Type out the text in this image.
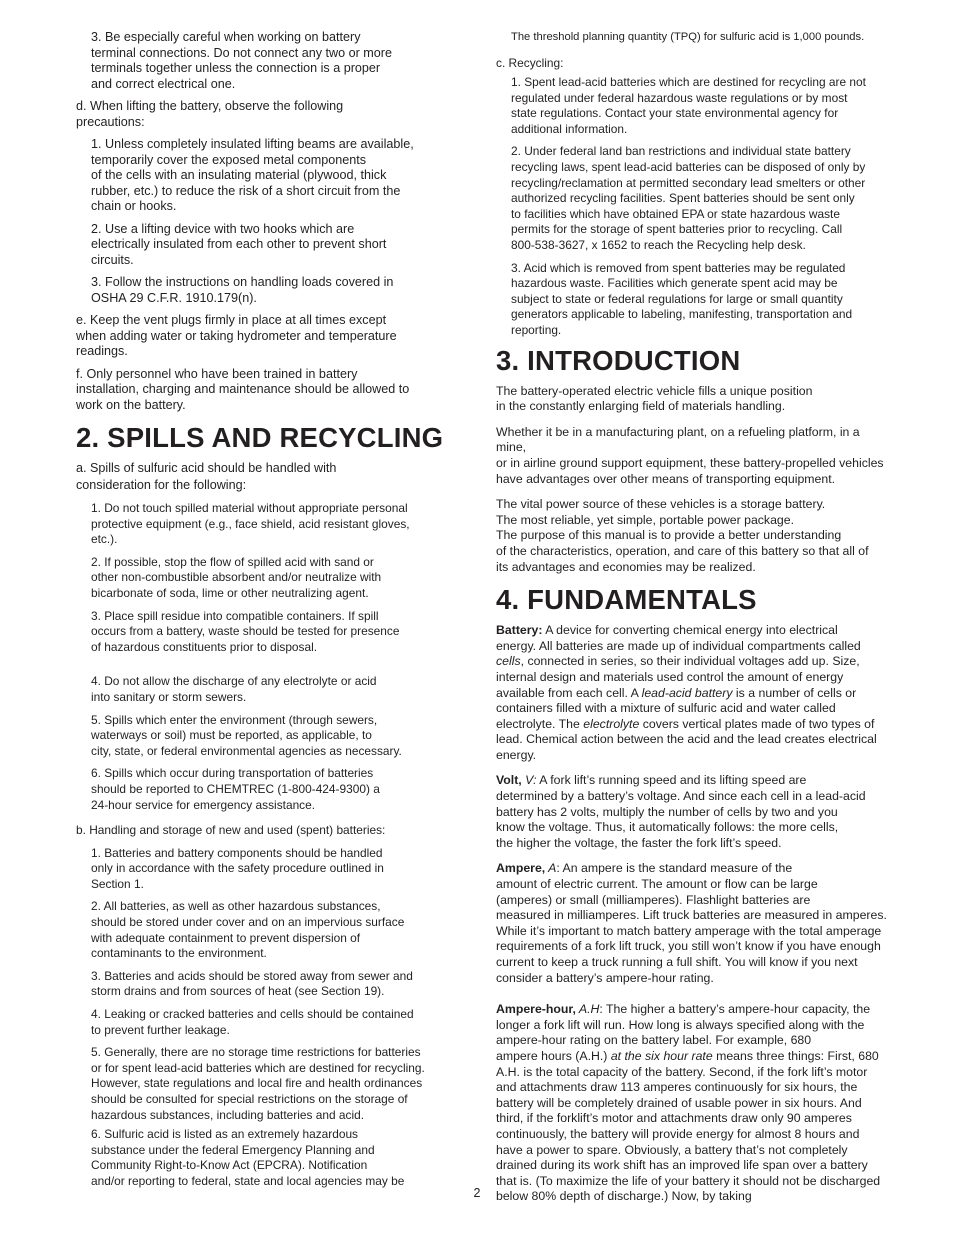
3. Be especially careful when working on battery
terminal connections. Do not connect any two or more
terminals together unless the connection is a proper
and correct electrical one.

d. When lifting the battery, observe the following
precautions:

1. Unless completely insulated lifting beams are available,
temporarily cover the exposed metal components
of the cells with an insulating material (plywood, thick
rubber, etc.) to reduce the risk of a short circuit from the
chain or hooks.

2. Use a lifting device with two hooks which are
electrically insulated from each other to prevent short
circuits.

3. Follow the instructions on handling loads covered in
OSHA 29 C.F.R. 1910.179(n).

e. Keep the vent plugs firmly in place at all times except
when adding water or taking hydrometer and temperature
readings.

f. Only personnel who have been trained in battery
installation, charging and maintenance should be allowed to
work on the battery.

2. SPILLS AND RECYCLING

a. Spills of sulfuric acid should be handled with
consideration for the following:

1. Do not touch spilled material without appropriate personal
protective equipment (e.g., face shield, acid resistant gloves,
etc.).

2. If possible, stop the flow of spilled acid with sand or
other non-combustible absorbent and/or neutralize with
bicarbonate of soda, lime or other neutralizing agent.

3. Place spill residue into compatible containers. If spill
occurs from a battery, waste should be tested for presence
of hazardous constituents prior to disposal.

4. Do not allow the discharge of any electrolyte or acid
into sanitary or storm sewers.

5. Spills which enter the environment (through sewers,
waterways or soil) must be reported, as applicable, to
city, state, or federal environmental agencies as necessary.

6. Spills which occur during transportation of batteries
should be reported to CHEMTREC (1-800-424-9300) a
24-hour service for emergency assistance.

b. Handling and storage of new and used (spent) batteries:

1. Batteries and battery components should be handled
only in accordance with the safety procedure outlined in
Section 1.

2. All batteries, as well as other hazardous substances,
should be stored under cover and on an impervious surface
with adequate containment to prevent dispersion of
contaminants to the environment.

3. Batteries and acids should be stored away from sewer and
storm drains and from sources of heat (see Section 19).

4. Leaking or cracked batteries and cells should be contained
to prevent further leakage.

5. Generally, there are no storage time restrictions for batteries
or for spent lead-acid batteries which are destined for recycling.
However, state regulations and local fire and health ordinances
should be consulted for special restrictions on the storage of
hazardous substances, including batteries and acid.

6. Sulfuric acid is listed as an extremely hazardous
substance under the federal Emergency Planning and
Community Right-to-Know Act (EPCRA). Notification
and/or reporting to federal, state and local agencies may be

The threshold planning quantity (TPQ) for sulfuric acid is 1,000 pounds.

c. Recycling:

1. Spent lead-acid batteries which are destined for recycling are not
regulated under federal hazardous waste regulations or by most
state regulations. Contact your state environmental agency for
additional information.

2. Under federal land ban restrictions and individual state battery
recycling laws, spent lead-acid batteries can be disposed of only by
recycling/reclamation at permitted secondary lead smelters or other
authorized recycling facilities. Spent batteries should be sent only
to facilities which have obtained EPA or state hazardous waste
permits for the storage of spent batteries prior to recycling. Call
800-538-3627, x 1652 to reach the Recycling help desk.

3. Acid which is removed from spent batteries may be regulated
hazardous waste. Facilities which generate spent acid may be
subject to state or federal regulations for large or small quantity
generators applicable to labeling, manifesting, transportation and
reporting.

3. INTRODUCTION

The battery-operated electric vehicle fills a unique position
in the constantly enlarging field of materials handling.

Whether it be in a manufacturing plant, on a refueling platform, in a mine,
or in airline ground support equipment, these battery-propelled vehicles
have advantages over other means of transporting equipment.

The vital power source of these vehicles is a storage battery.
The most reliable, yet simple, portable power package.
The purpose of this manual is to provide a better understanding
of the characteristics, operation, and care of this battery so that all of
its advantages and economies may be realized.

4. FUNDAMENTALS

Battery: A device for converting chemical energy into electrical
energy. All batteries are made up of individual compartments called
cells, connected in series, so their individual voltages add up. Size,
internal design and materials used control the amount of energy
available from each cell. A lead-acid battery is a number of cells or
containers filled with a mixture of sulfuric acid and water called
electrolyte. The electrolyte covers vertical plates made of two types of
lead. Chemical action between the acid and the lead creates electrical
energy.

Volt, V: A fork lift’s running speed and its lifting speed are
determined by a battery’s voltage. And since each cell in a lead-acid
battery has 2 volts, multiply the number of cells by two and you
know the voltage. Thus, it automatically follows: the more cells,
the higher the voltage, the faster the fork lift’s speed.

Ampere, A: An ampere is the standard measure of the
amount of electric current. The amount or flow can be large
(amperes) or small (milliamperes). Flashlight batteries are
measured in milliamperes. Lift truck batteries are measured in amperes.
While it’s important to match battery amperage with the total amperage
requirements of a fork lift truck, you still won’t know if you have enough
current to keep a truck running a full shift. You will know if you next
consider a battery’s ampere-hour rating.

Ampere-hour, A.H: The higher a battery’s ampere-hour capacity, the
longer a fork lift will run. How long is always specified along with the
ampere-hour rating on the battery label. For example, 680
ampere hours (A.H.) at the six hour rate means three things: First, 680
A.H. is the total capacity of the battery. Second, if the fork lift’s motor
and attachments draw 113 amperes continuously for six hours, the
battery will be completely drained of usable power in six hours. And
third, if the forklift’s motor and attachments draw only 90 amperes
continuously, the battery will provide energy for almost 8 hours and
have a power to spare. Obviously, a battery that’s not completely
drained during its work shift has an improved life span over a battery
that is. (To maximize the life of your battery it should not be discharged
below 80% depth of discharge.) Now, by taking

2
